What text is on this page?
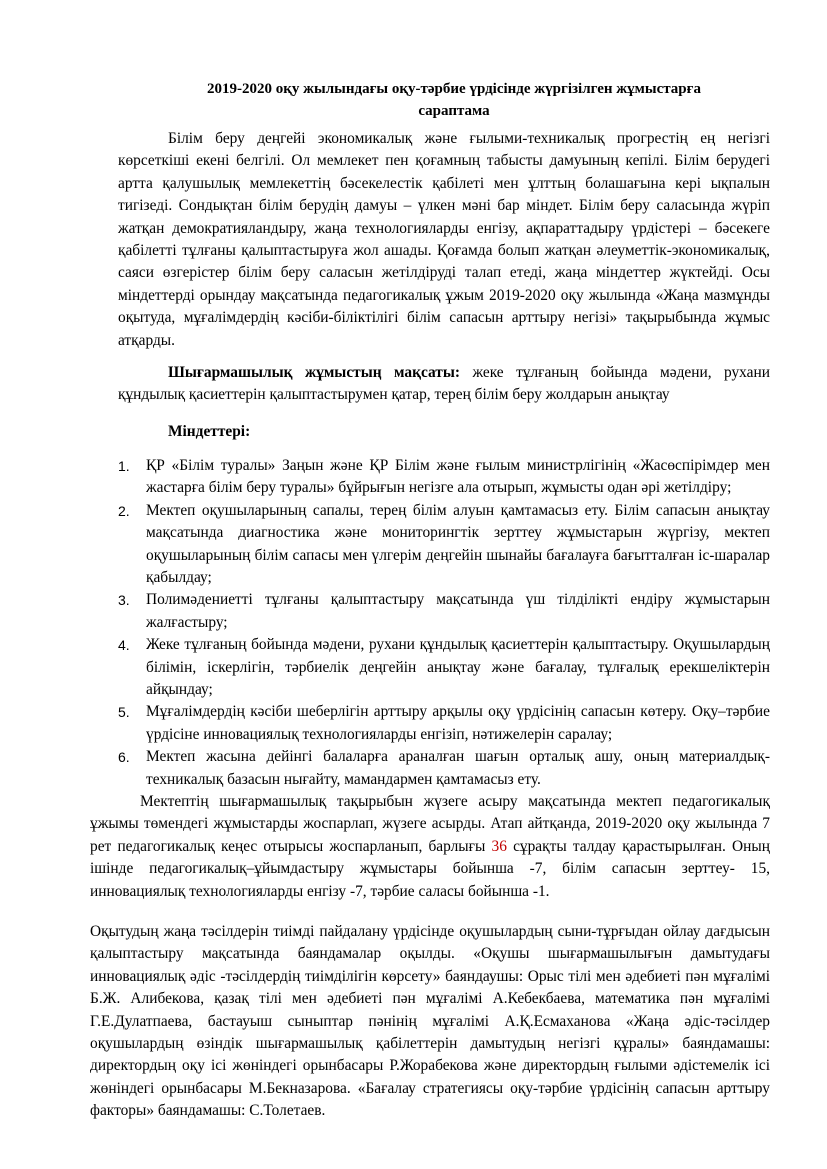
2019-2020 оқу жылындағы оқу-тәрбие үрдісінде жүргізілген жұмыстарға
сараптама

Білім беру деңгейі экономикалық және ғылыми-техникалық прогрестің ең негізгі көрсеткіші екені белгілі. Ол мемлекет пен қоғамның табысты дамуының кепілі. Білім берудегі артта қалушылық мемлекеттің бәсекелестік қабілеті мен ұлттың болашағына кері ықпалын тигізеді. Сондықтан білім берудің дамуы – үлкен мәні бар міндет. Білім беру саласында жүріп жатқан демократияландыру, жаңа технологияларды енгізу, ақпараттадыру үрдістері – бәсекеге қабілетті тұлғаны қалыптастыруға жол ашады. Қоғамда болып жатқан әлеуметтік-экономикалық, саяси өзгерістер білім беру саласын жетілдіруді талап етеді, жаңа міндеттер жүктейді. Осы міндеттерді орындау мақсатында педагогикалық ұжым 2019-2020 оқу жылында «Жаңа мазмұнды оқытуда, мұғалімдердің кәсіби-біліктілігі білім сапасын арттыру негізі» тақырыбында жұмыс атқарды.

Шығармашылық жұмыстың мақсаты: жеке тұлғаның бойында мәдени, рухани құндылық қасиеттерін қалыптастырумен қатар, терең білім беру жолдарын анықтау

Міндеттері:
1. ҚР «Білім туралы» Заңын және ҚР Білім және ғылым министрлігінің «Жасөспірімдер мен жастарға білім беру туралы» бұйрығын негізге ала отырып, жұмысты одан әрі жетілдіру;
2. Мектеп оқушыларының сапалы, терең білім алуын қамтамасыз ету. Білім сапасын анықтау мақсатында диагностика және мониторингтік зерттеу жұмыстарын жүргізу, мектеп оқушыларының білім сапасы мен үлгерім деңгейін шынайы бағалауға бағытталған іс-шаралар қабылдау;
3. Полимәдениетті тұлғаны қалыптастыру мақсатында үш тілділікті ендіру жұмыстарын жалғастыру;
4. Жеке тұлғаның бойында мәдени, рухани құндылық қасиеттерін қалыптастыру. Оқушылардың білімін, іскерлігін, тәрбиелік деңгейін анықтау және бағалау, тұлғалық ерекшеліктерін айқындау;
5. Мұғалімдердің кәсіби шеберлігін арттыру арқылы оқу үрдісінің сапасын көтеру. Оқу–тәрбие үрдісіне инновациялық технологияларды енгізіп, нәтижелерін саралау;
6. Мектеп жасына дейінгі балаларға араналған шағын орталық ашу, оның материалдық-техникалық базасын нығайту, мамандармен қамтамасыз ету.

Мектептің шығармашылық тақырыбын жүзеге асыру мақсатында мектеп педагогикалық ұжымы төмендегі жұмыстарды жоспарлап, жүзеге асырды. Атап айтқанда, 2019-2020 оқу жылында 7 рет педагогикалық кеңес отырысы жоспарланып, барлығы 36 сұрақты талдау қарастырылған. Оның ішінде педагогикалық–ұйымдастыру жұмыстары бойынша -7, білім сапасын зерттеу- 15, инновациялық технологияларды енгізу -7, тәрбие саласы бойынша -1.

Оқытудың жаңа тәсілдерін тиімді пайдалану үрдісінде оқушылардың сыни-тұрғыдан ойлау дағдысын қалыптастыру мақсатында баяндамалар оқылды. «Оқушы шығармашылығын дамытудағы инновациялық әдіс -тәсілдердің тиімділігін көрсету» баяндаушы: Орыс тілі мен әдебиеті пән мұғалімі Б.Ж. Алибекова, қазақ тілі мен әдебиеті пән мұғалімі А.Кебекбаева, математика пән мұғалімі Г.Е.Дулатпаева, бастауыш сыныптар пәнінің мұғалімі А.Қ.Есмаханова «Жаңа әдіс-тәсілдер оқушылардың өзіндік шығармашылық қабілеттерін дамытудың негізгі құралы» баяндамашы: директордың оқу ісі жөніндегі орынбасары Р.Жорабекова және директордың ғылыми әдістемелік ісі жөніндегі орынбасары М.Бекназарова. «Бағалау стратегиясы оқу-тәрбие үрдісінің сапасын арттыру факторы» баяндамашы: С.Толетаев.
